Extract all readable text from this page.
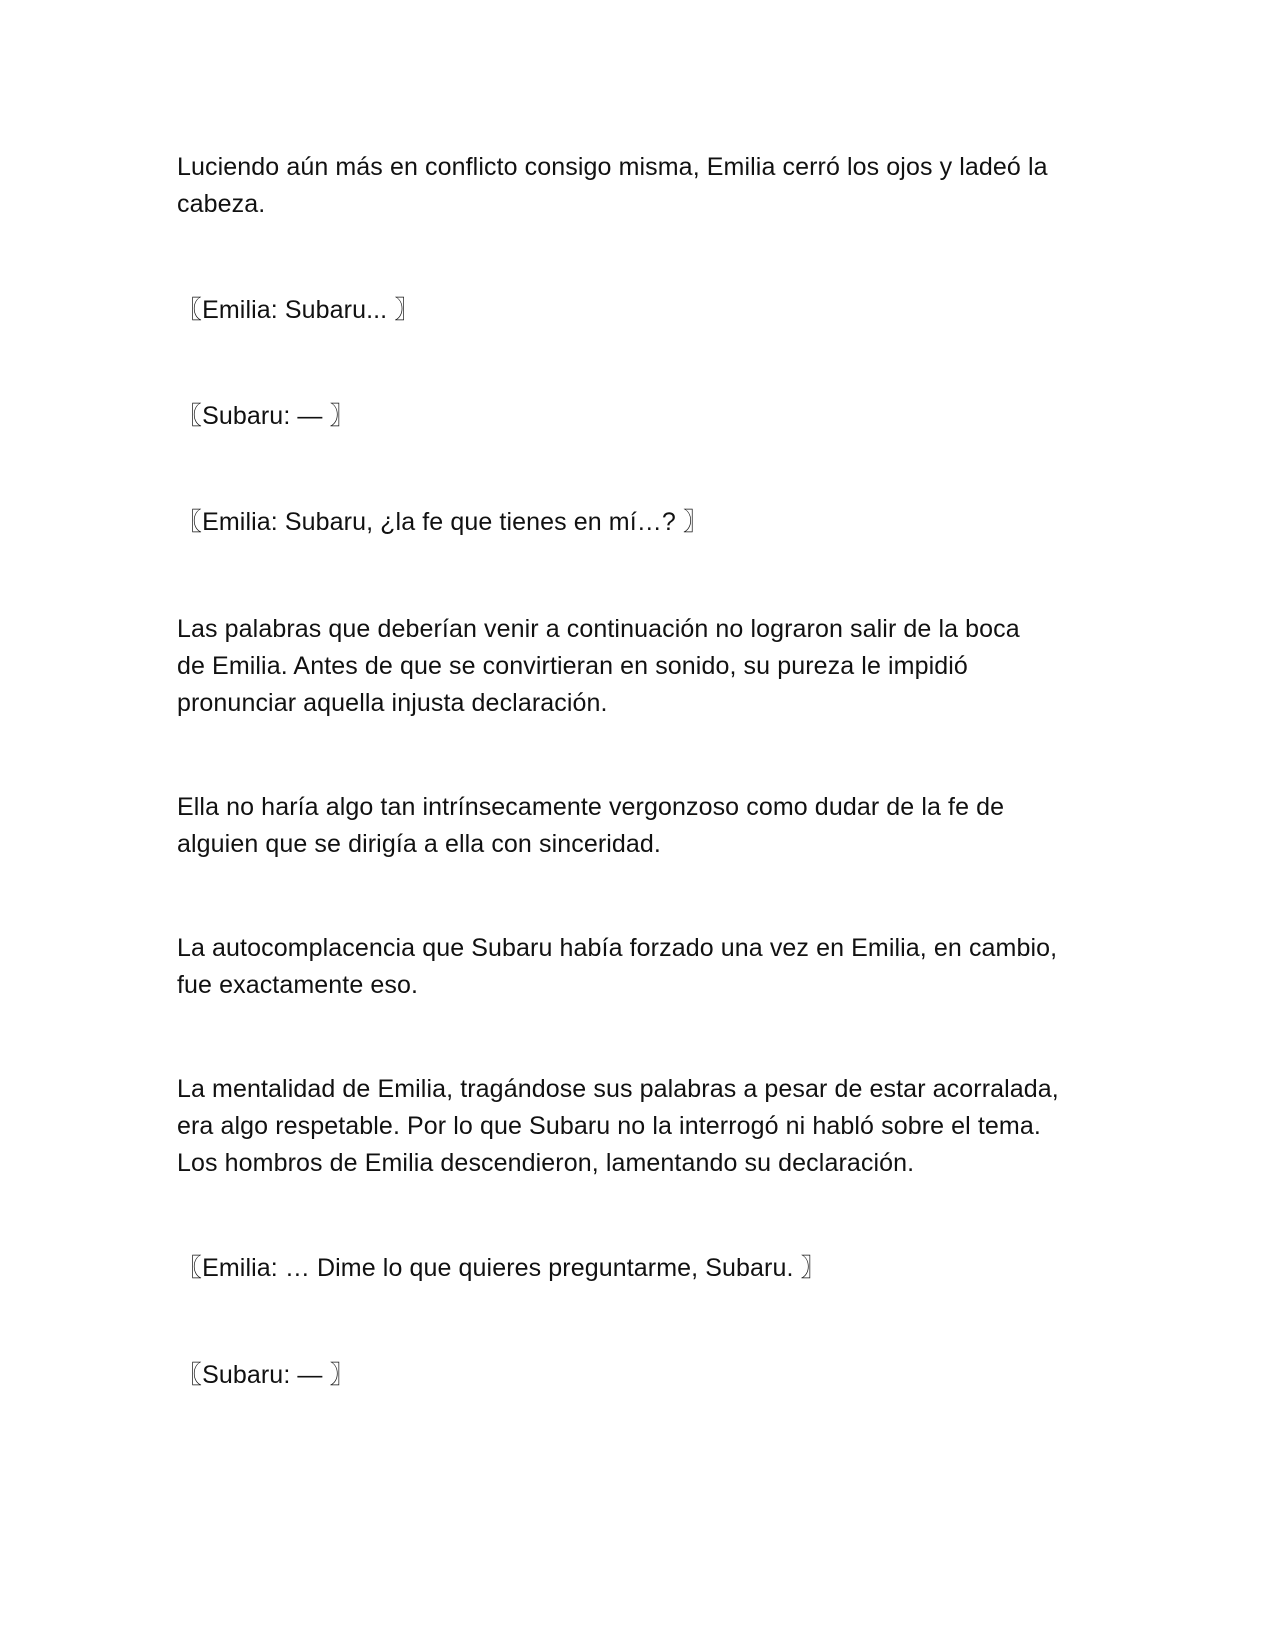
Luciendo aún más en conflicto consigo misma, Emilia cerró los ojos y ladeó la
cabeza.
〖Emilia: Subaru... 〗
〖Subaru: — 〗
〖Emilia: Subaru, ¿la fe que tienes en mí…? 〗
Las palabras que deberían venir a continuación no lograron salir de la boca
de Emilia. Antes de que se convirtieran en sonido, su pureza le impidió
pronunciar aquella injusta declaración.
Ella no haría algo tan intrínsecamente vergonzoso como dudar de la fe de
alguien que se dirigía a ella con sinceridad.
La autocomplacencia que Subaru había forzado una vez en Emilia, en cambio,
fue exactamente eso.
La mentalidad de Emilia, tragándose sus palabras a pesar de estar acorralada,
era algo respetable. Por lo que Subaru no la interrogó ni habló sobre el tema.
Los hombros de Emilia descendieron, lamentando su declaración.
〖Emilia: … Dime lo que quieres preguntarme, Subaru. 〗
〖Subaru: — 〗
